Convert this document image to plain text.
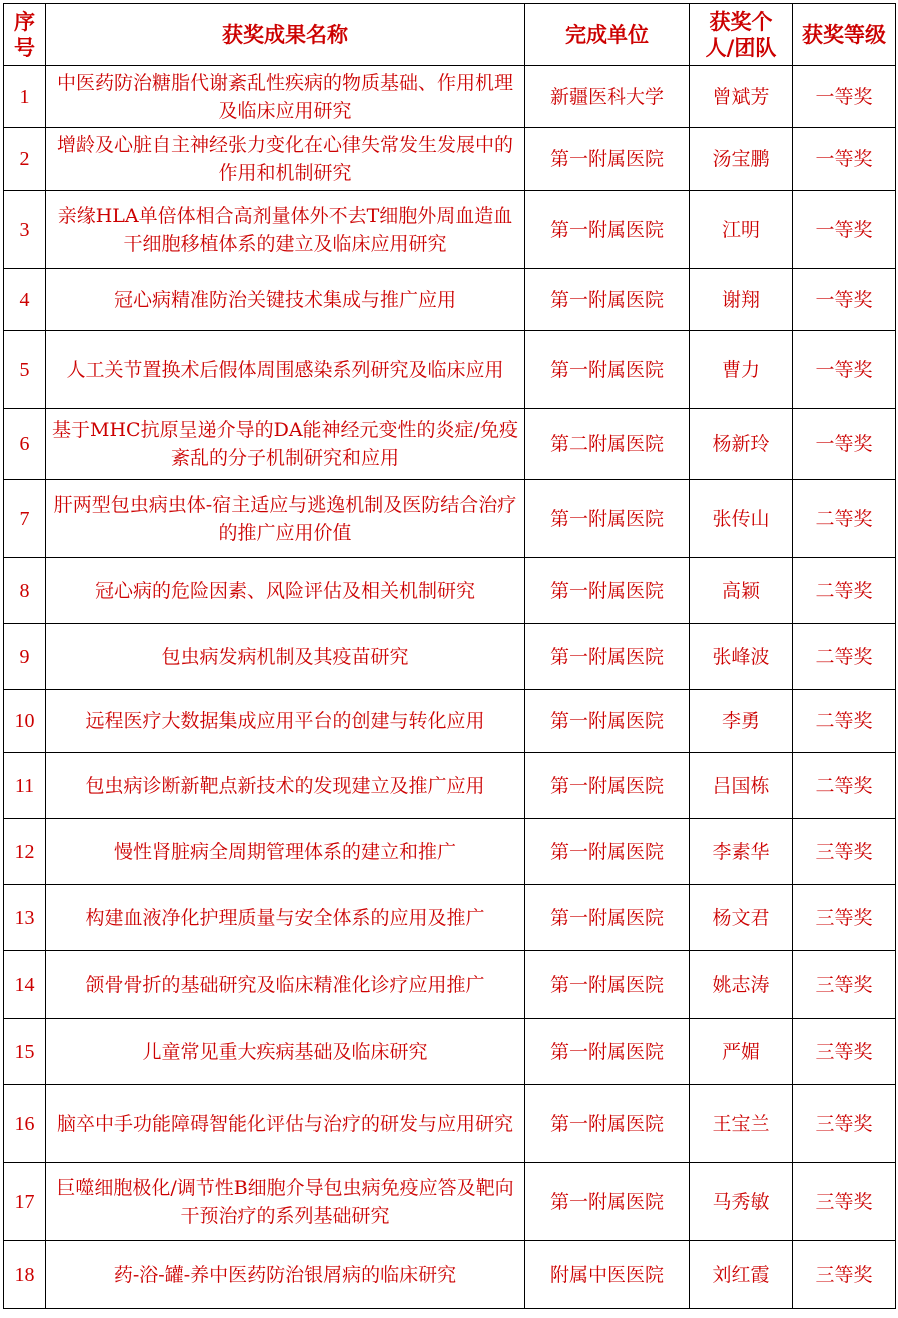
序号	获奖成果名称	完成单位	获奖个人/团队	获奖等级
1	中医药防治糖脂代谢紊乱性疾病的物质基础、作用机理及临床应用研究	新疆医科大学	曾斌芳	一等奖
2	增龄及心脏自主神经张力变化在心律失常发生发展中的作用和机制研究	第一附属医院	汤宝鹏	一等奖
3	亲缘HLA单倍体相合高剂量体外不去T细胞外周血造血干细胞移植体系的建立及临床应用研究	第一附属医院	江明	一等奖
4	冠心病精准防治关键技术集成与推广应用	第一附属医院	谢翔	一等奖
5	人工关节置换术后假体周围感染系列研究及临床应用	第一附属医院	曹力	一等奖
6	基于MHC抗原呈递介导的DA能神经元变性的炎症/免疫紊乱的分子机制研究和应用	第二附属医院	杨新玲	一等奖
7	肝两型包虫病虫体-宿主适应与逃逸机制及医防结合治疗的推广应用价值	第一附属医院	张传山	二等奖
8	冠心病的危险因素、风险评估及相关机制研究	第一附属医院	高颖	二等奖
9	包虫病发病机制及其疫苗研究	第一附属医院	张峰波	二等奖
10	远程医疗大数据集成应用平台的创建与转化应用	第一附属医院	李勇	二等奖
11	包虫病诊断新靶点新技术的发现建立及推广应用	第一附属医院	吕国栋	二等奖
12	慢性肾脏病全周期管理体系的建立和推广	第一附属医院	李素华	三等奖
13	构建血液净化护理质量与安全体系的应用及推广	第一附属医院	杨文君	三等奖
14	颌骨骨折的基础研究及临床精准化诊疗应用推广	第一附属医院	姚志涛	三等奖
15	儿童常见重大疾病基础及临床研究	第一附属医院	严媚	三等奖
16	脑卒中手功能障碍智能化评估与治疗的研发与应用研究	第一附属医院	王宝兰	三等奖
17	巨噬细胞极化/调节性B细胞介导包虫病免疫应答及靶向干预治疗的系列基础研究	第一附属医院	马秀敏	三等奖
18	药-浴-罐-养中医药防治银屑病的临床研究	附属中医医院	刘红霞	三等奖
